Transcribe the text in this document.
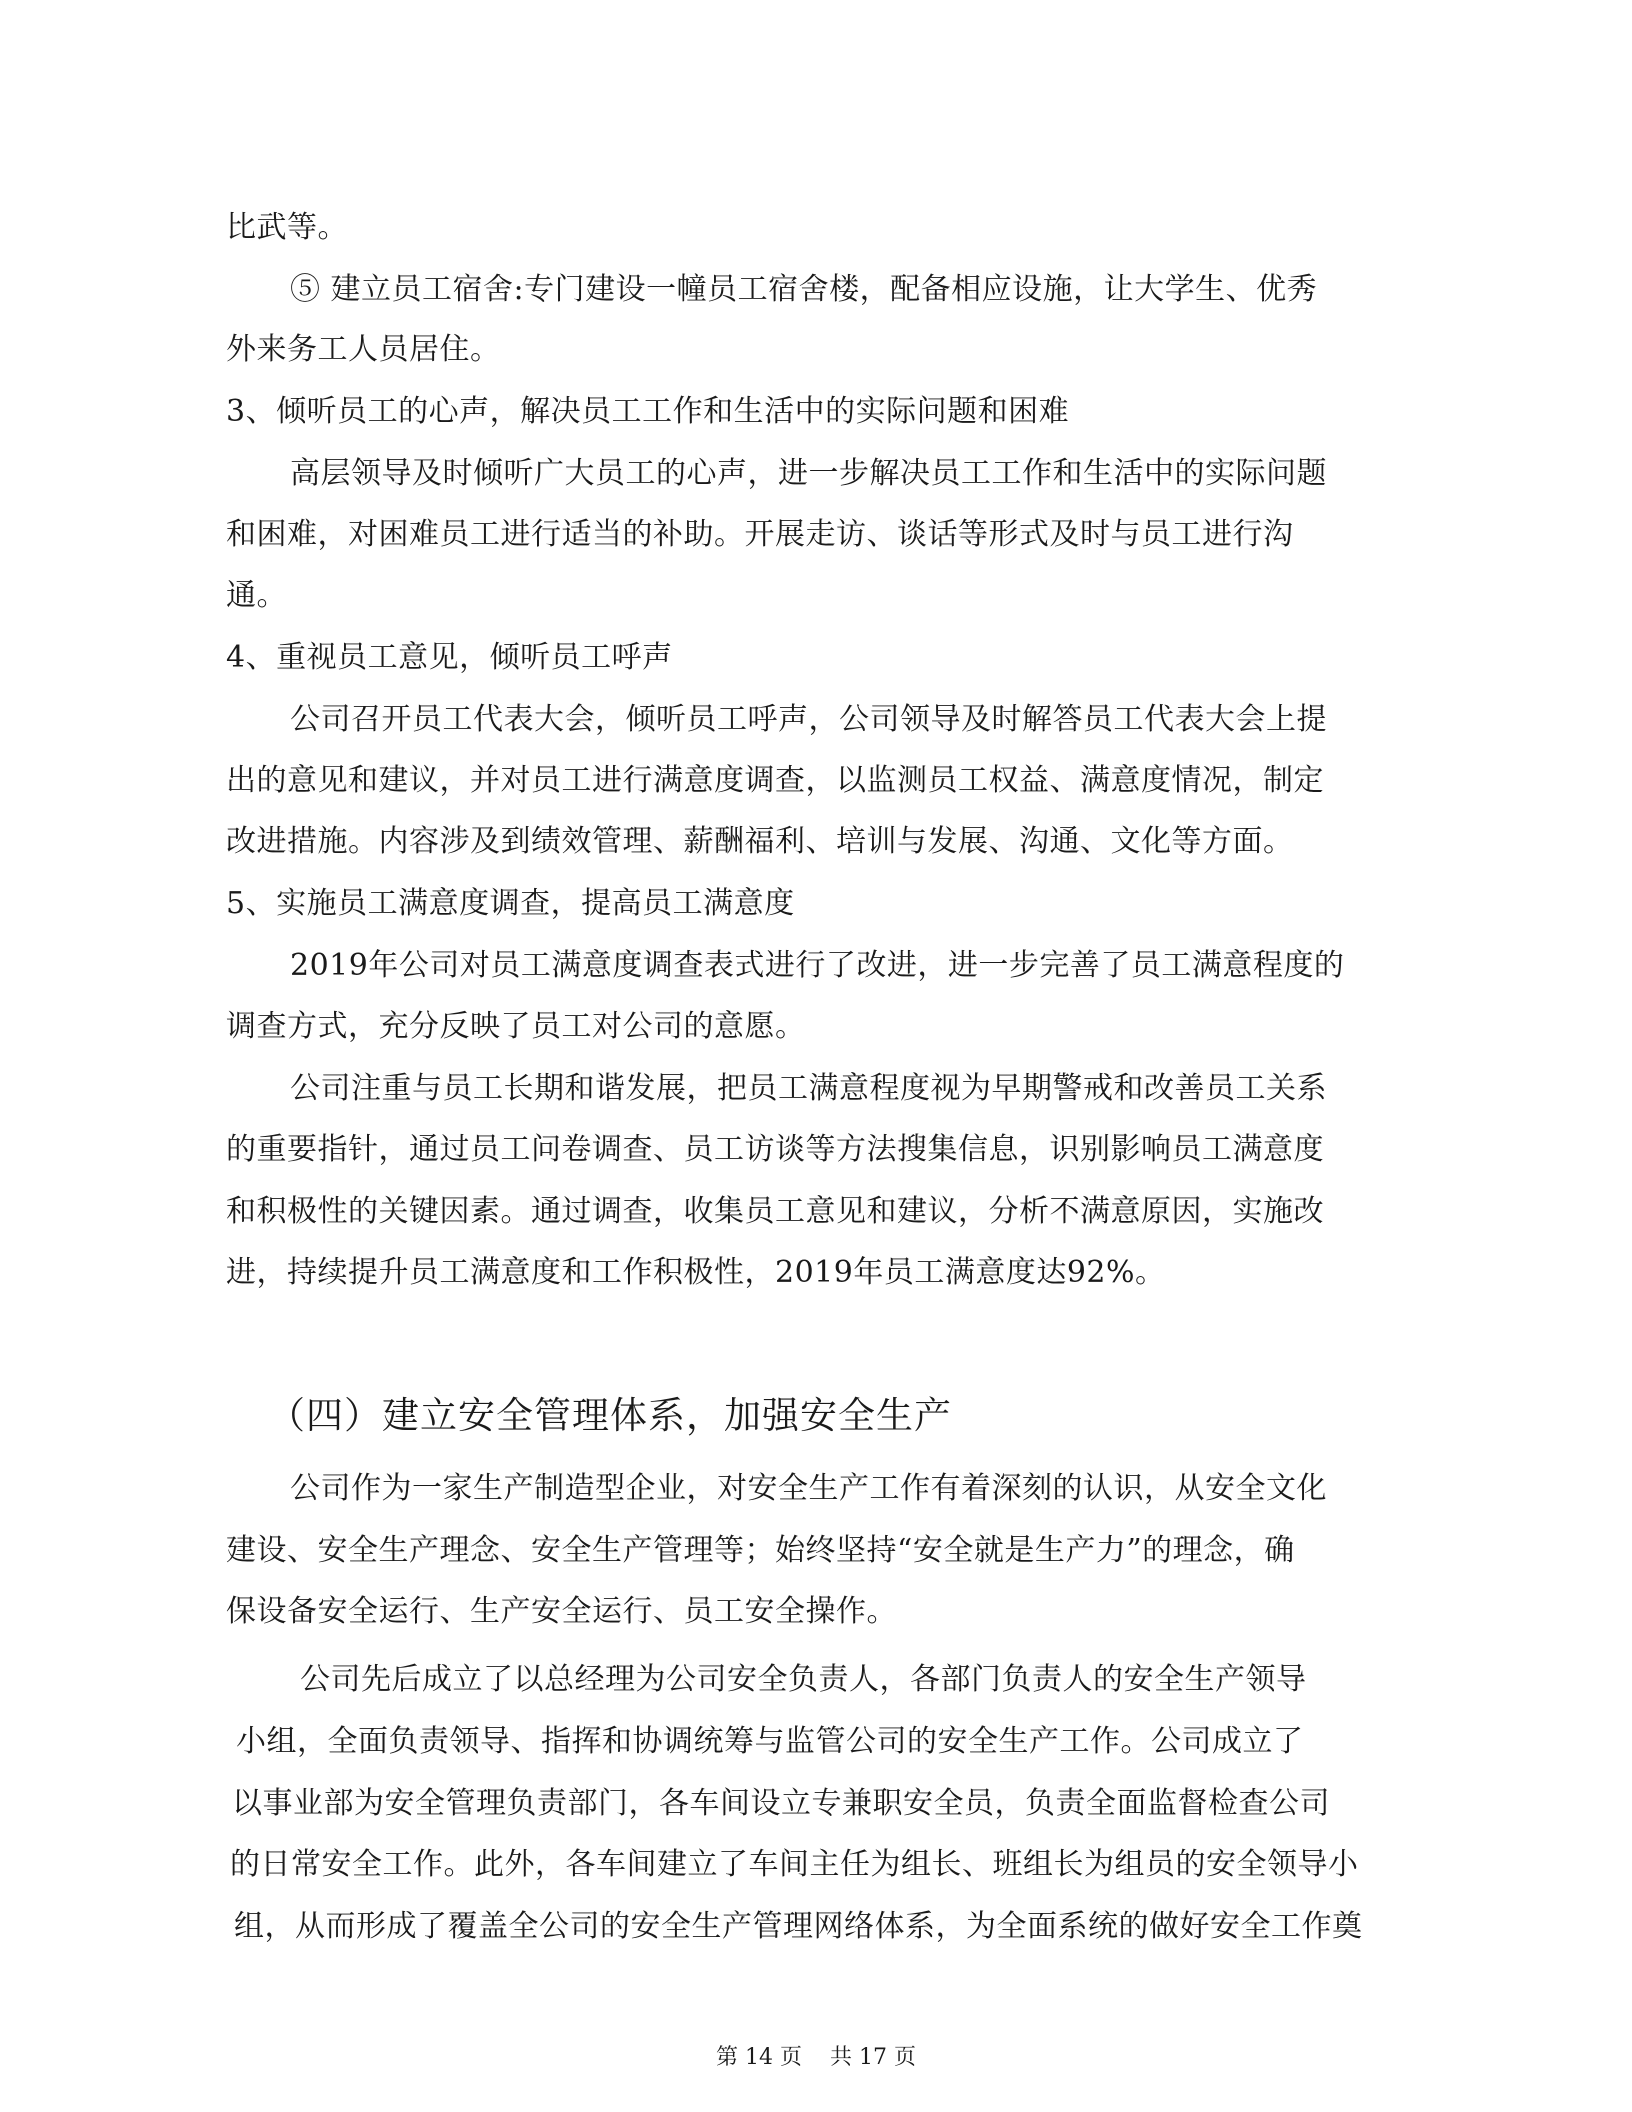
比武等。
⑤ 建立员工宿舍:专门建设一幢员工宿舍楼，配备相应设施，让大学生、优秀
外来务工人员居住。
3、倾听员工的心声，解决员工工作和生活中的实际问题和困难
高层领导及时倾听广大员工的心声，进一步解决员工工作和生活中的实际问题
和困难，对困难员工进行适当的补助。开展走访、谈话等形式及时与员工进行沟
通。
4、重视员工意见，倾听员工呼声
公司召开员工代表大会，倾听员工呼声，公司领导及时解答员工代表大会上提
出的意见和建议，并对员工进行满意度调查，以监测员工权益、满意度情况，制定
改进措施。内容涉及到绩效管理、薪酬福利、培训与发展、沟通、文化等方面。
5、实施员工满意度调查，提高员工满意度
2019年公司对员工满意度调查表式进行了改进，进一步完善了员工满意程度的
调查方式，充分反映了员工对公司的意愿。
公司注重与员工长期和谐发展，把员工满意程度视为早期警戒和改善员工关系
的重要指针，通过员工问卷调查、员工访谈等方法搜集信息，识别影响员工满意度
和积极性的关键因素。通过调查，收集员工意见和建议，分析不满意原因，实施改
进，持续提升员工满意度和工作积极性，2019年员工满意度达92%。
（四）建立安全管理体系，加强安全生产
公司作为一家生产制造型企业，对安全生产工作有着深刻的认识，从安全文化
建设、安全生产理念、安全生产管理等；始终坚持“安全就是生产力”的理念，确
保设备安全运行、生产安全运行、员工安全操作。
公司先后成立了以总经理为公司安全负责人，各部门负责人的安全生产领导
小组，全面负责领导、指挥和协调统筹与监管公司的安全生产工作。公司成立了
以事业部为安全管理负责部门，各车间设立专兼职安全员，负责全面监督检查公司
的日常安全工作。此外，各车间建立了车间主任为组长、班组长为组员的安全领导小
组，从而形成了覆盖全公司的安全生产管理网络体系，为全面系统的做好安全工作奠
第 14 页    共 17 页
